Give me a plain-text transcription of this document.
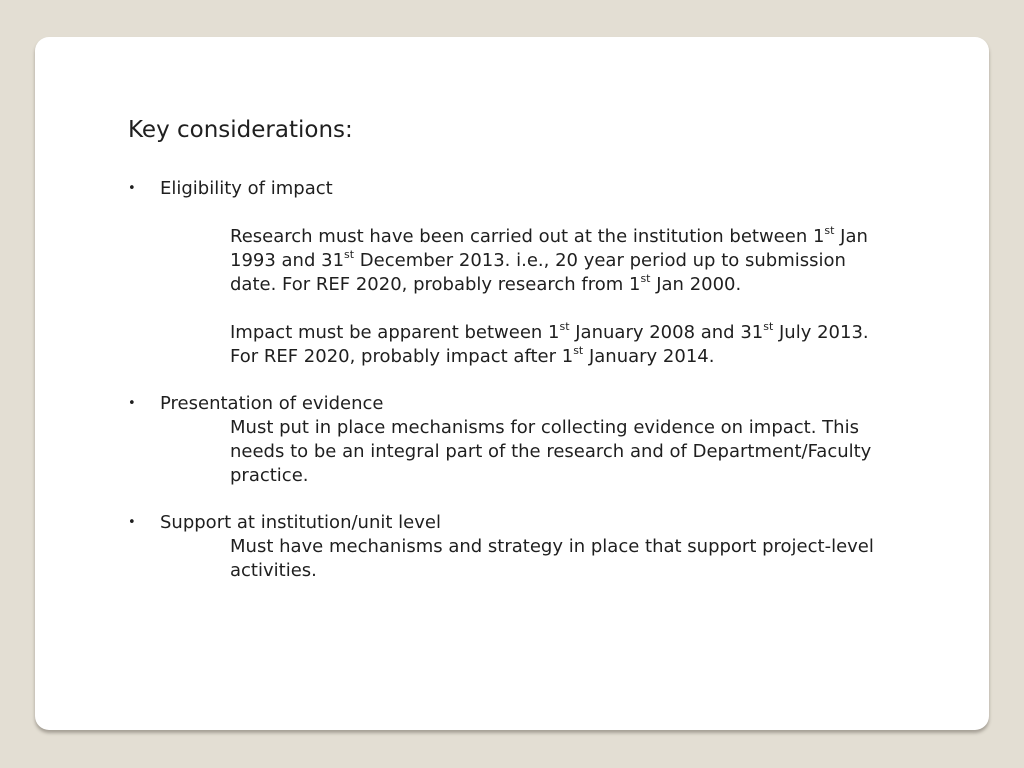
Key considerations:
• Eligibility of impact

Research must have been carried out at the institution between 1st Jan
1993 and 31st December 2013. i.e., 20 year period up to submission
date. For REF 2020, probably research from 1st Jan 2000.

Impact must be apparent between 1st January 2008 and 31st July 2013.
For REF 2020, probably impact after 1st January 2014.

• Presentation of evidence

Must put in place mechanisms for collecting evidence on impact. This
needs to be an integral part of the research and of Department/Faculty
practice.

• Support at institution/unit level

Must have mechanisms and strategy in place that support project-level
activities.
